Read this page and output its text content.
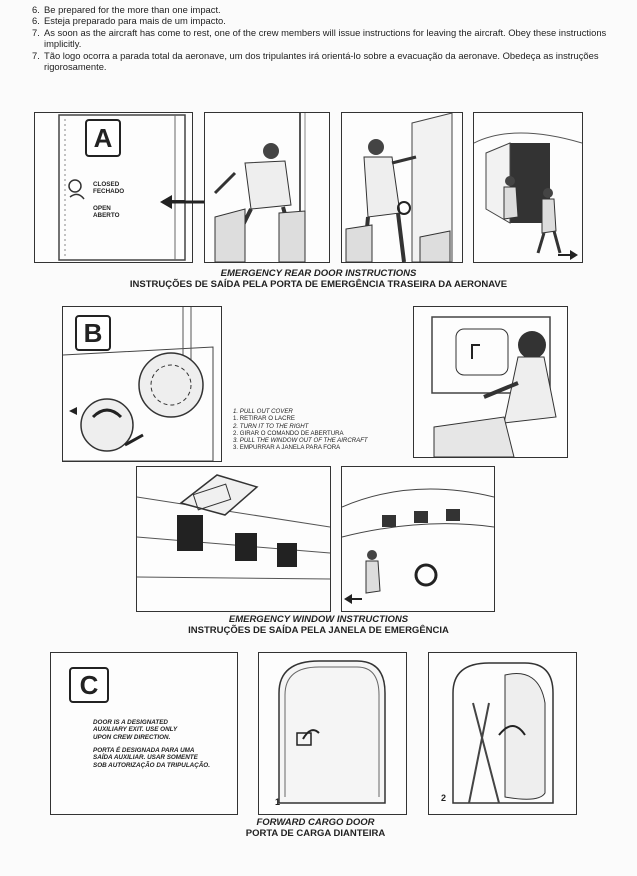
6. Be prepared for the more than one impact.
6. Esteja preparado para mais de um impacto.
7. As soon as the aircraft has come to rest, one of the crew members will issue instructions for leaving the aircraft. Obey these instructions implicitly.
7. Tão logo ocorra a parada total da aeronave, um dos tripulantes irá orientá-lo sobre a evacuação da aeronave. Obedeça as instruções rigorosamente.
A
CLOSED
FECHADO
OPEN
ABERTO
EMERGENCY REAR DOOR INSTRUCTIONS
INSTRUÇÕES DE SAÍDA PELA PORTA DE EMERGÊNCIA TRASEIRA DA AERONAVE
B
1. PULL OUT COVER
1. RETIRAR O LACRE
2. TURN IT TO THE RIGHT
2. GIRAR O COMANDO DE ABERTURA
3. PULL THE WINDOW OUT OF THE AIRCRAFT
3. EMPURRAR A JANELA PARA FORA
EMERGENCY WINDOW INSTRUCTIONS
INSTRUÇÕES DE SAÍDA PELA JANELA DE EMERGÊNCIA
C
DOOR IS A DESIGNATED
AUXILIARY EXIT. USE ONLY
UPON CREW DIRECTION.
PORTA É DESIGNADA PARA UMA
SAÍDA AUXILIAR. USAR SOMENTE
SOB AUTORIZAÇÃO DA TRIPULAÇÃO.
1	2
FORWARD CARGO DOOR
PORTA DE CARGA DIANTEIRA
